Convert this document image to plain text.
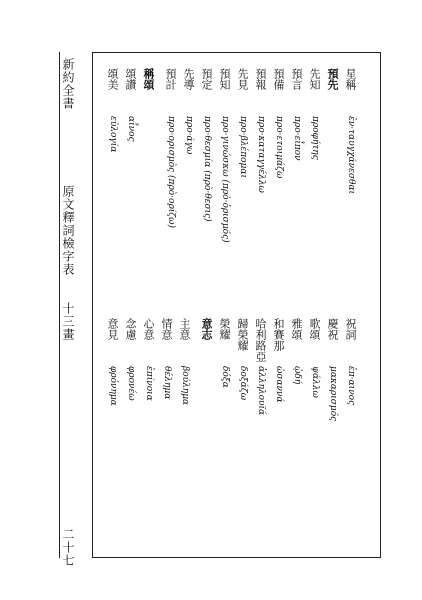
新約全書
原文釋詞檢字表
十三畫
二十七
星稱
ἐν·ταυγχάνεσθαι
預先
先知
προφήτης
預言
προ·εἶπον
預備
προ·ετοιμάζω
預報
προ·καταγγέλλω
先見
προ·βλέπομαι
預知
προ·γινώσκω (πρὸ·ὁρισμός)
預定
προ·θεσμία (πρὸ·θεσις)
先導
προ·άγω
預計
προ·ορισμὸς (πρὸ·ορίζω)
稱頌
頌讚
αἶνος
頌美
εὐλογία
祝詞
ἐπ·αινος
慶祝
μακαρισμός
歌頌
ψάλλω
雅頌
ᾠδή
和賽那
ὡσαννά
哈利路亞
ἁλληλουϊά
歸榮耀
δοξάζω
榮耀
δόξα
意志
主意
βούλημα
情意
θέλημα
心意
ἐπίνοια
念慮
φρονέω
意見
φρόνημα
